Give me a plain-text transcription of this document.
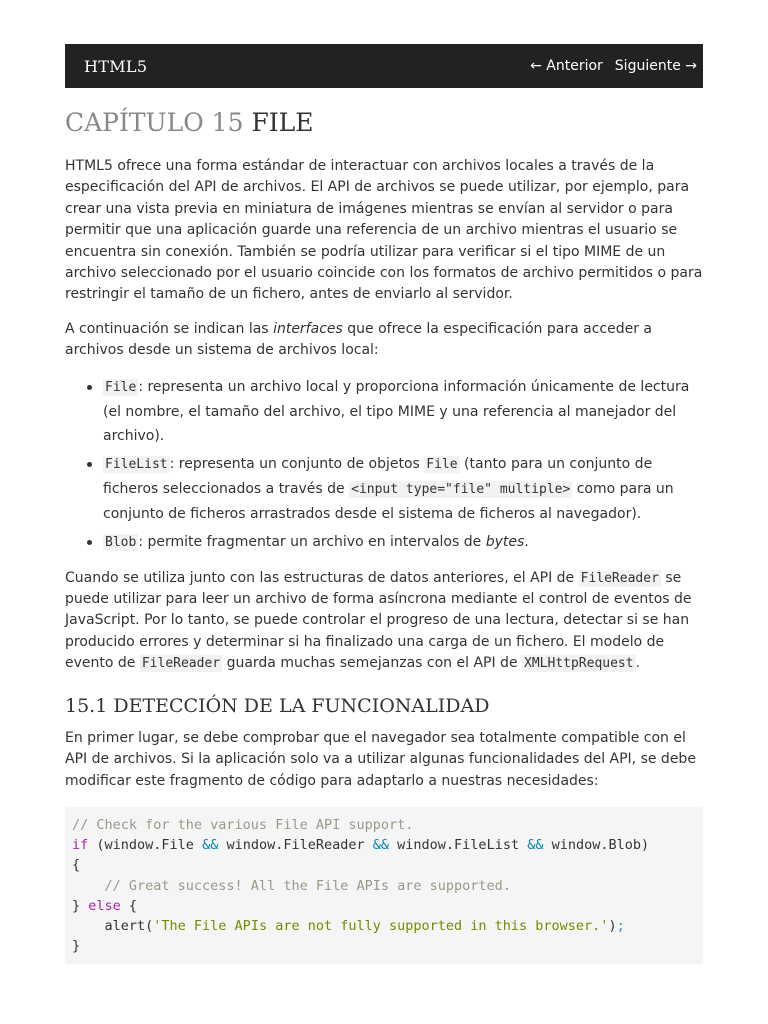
HTML5	← Anterior Siguiente →
CAPÍTULO 15 FILE

HTML5 ofrece una forma estándar de interactuar con archivos locales a través de la especificación del API de archivos. El API de archivos se puede utilizar, por ejemplo, para crear una vista previa en miniatura de imágenes mientras se envían al servidor o para permitir que una aplicación guarde una referencia de un archivo mientras el usuario se encuentra sin conexión. También se podría utilizar para verificar si el tipo MIME de un archivo seleccionado por el usuario coincide con los formatos de archivo permitidos o para restringir el tamaño de un fichero, antes de enviarlo al servidor.

A continuación se indican las interfaces que ofrece la especificación para acceder a archivos desde un sistema de archivos local:

File : representa un archivo local y proporciona información únicamente de lectura (el nombre, el tamaño del archivo, el tipo MIME y una referencia al manejador del archivo).
FileList : representa un conjunto de objetos File (tanto para un conjunto de ficheros seleccionados a través de <input type="file" multiple> como para un conjunto de ficheros arrastrados desde el sistema de ficheros al navegador).
Blob : permite fragmentar un archivo en intervalos de bytes.

Cuando se utiliza junto con las estructuras de datos anteriores, el API de FileReader se puede utilizar para leer un archivo de forma asíncrona mediante el control de eventos de JavaScript. Por lo tanto, se puede controlar el progreso de una lectura, detectar si se han producido errores y determinar si ha finalizado una carga de un fichero. El modelo de evento de FileReader guarda muchas semejanzas con el API de XMLHttpRequest .

15.1 DETECCIÓN DE LA FUNCIONALIDAD

En primer lugar, se debe comprobar que el navegador sea totalmente compatible con el API de archivos. Si la aplicación solo va a utilizar algunas funcionalidades del API, se debe modificar este fragmento de código para adaptarlo a nuestras necesidades:

// Check for the various File API support.
if (window.File && window.FileReader && window.FileList && window.Blob)
{
// Great success! All the File APIs are supported.
} else {
alert('The File APIs are not fully supported in this browser.');
}
